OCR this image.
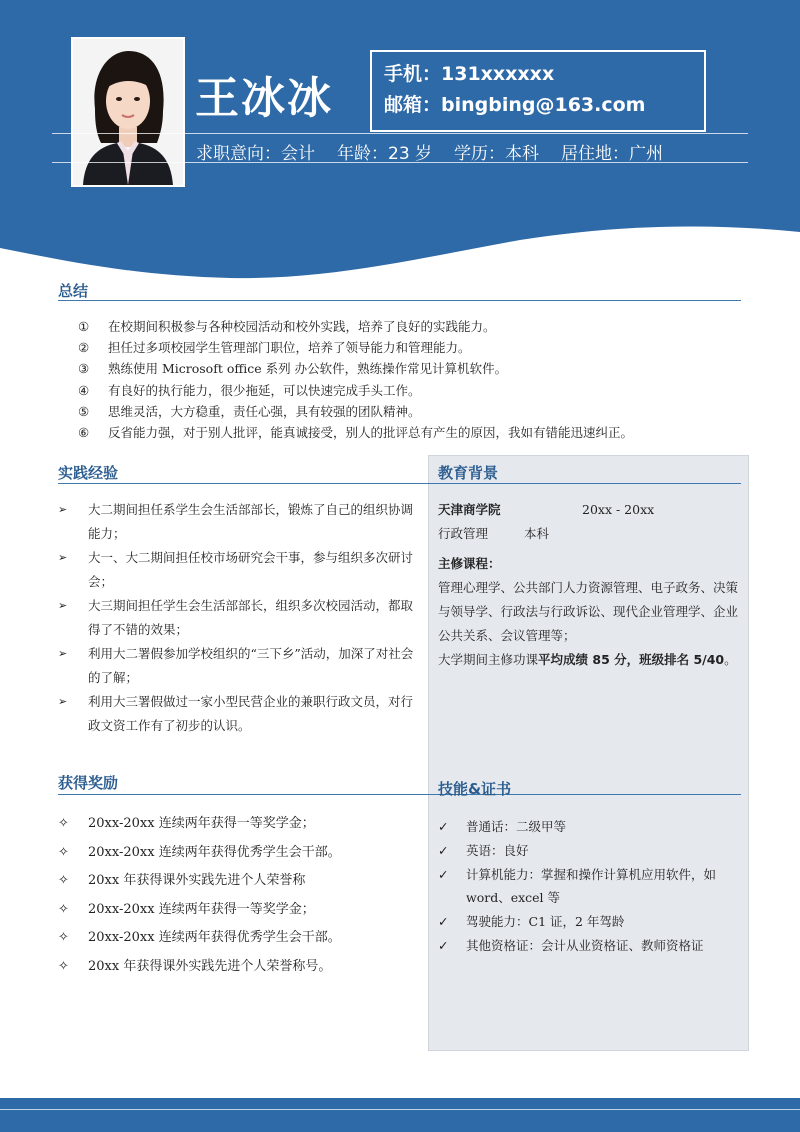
王冰冰	手机：131xxxxxx
邮箱：bingbing@163.com
求职意向：会计 年龄：23 岁 学历：本科 居住地：广州
总结
① 在校期间积极参与各种校园活动和校外实践，培养了良好的实践能力。
② 担任过多项校园学生管理部门职位，培养了领导能力和管理能力。
③ 熟练使用 Microsoft office 系列 办公软件，熟练操作常见计算机软件。
④ 有良好的执行能力，很少拖延，可以快速完成手头工作。
⑤ 思维灵活，大方稳重，责任心强，具有较强的团队精神。
⑥ 反省能力强，对于别人批评，能真诚接受，别人的批评总有产生的原因，我如有错能迅速纠正。
实践经验
➢ 大二期间担任系学生会生活部部长，锻炼了自己的组织协调能力；
➢ 大一、大二期间担任校市场研究会干事，参与组织多次研讨会；
➢ 大三期间担任学生会生活部部长，组织多次校园活动，都取得了不错的效果；
➢ 利用大二署假参加学校组织的“三下乡”活动，加深了对社会的了解；
➢ 利用大三署假做过一家小型民营企业的兼职行政文员，对行政文资工作有了初步的认识。
教育背景
天津商学院	20xx - 20xx
行政管理	本科
主修课程：
管理心理学、公共部门人力资源管理、电子政务、决策与领导学、行政法与行政诉讼、现代企业管理学、企业公共关系、会议管理等；
大学期间主修功课平均成绩 85 分，班级排名 5/40。
获得奖励
✧ 20xx-20xx 连续两年获得一等奖学金；
✧ 20xx-20xx 连续两年获得优秀学生会干部。
✧ 20xx 年获得课外实践先进个人荣誉称
✧ 20xx-20xx 连续两年获得一等奖学金；
✧ 20xx-20xx 连续两年获得优秀学生会干部。
✧ 20xx 年获得课外实践先进个人荣誉称号。
技能&证书
✓ 普通话：二级甲等
✓ 英语：良好
✓ 计算机能力：掌握和操作计算机应用软件，如 word、excel 等
✓ 驾驶能力：C1 证，2 年驾龄
✓ 其他资格证：会计从业资格证、教师资格证
